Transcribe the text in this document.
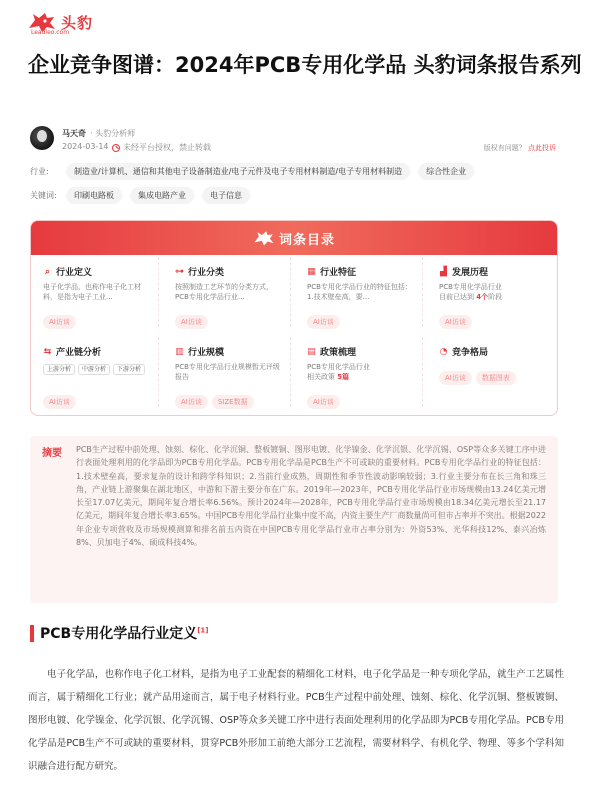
头豹
Leadleo.com
企业竞争图谱：2024年PCB专用化学品 头豹词条报告系列
马天奇 · 头豹分析师
2024-03-14 未经平台授权，禁止转载	版权有问题？ 点此投诉
行业:	制造业/计算机、通信和其他电子设备制造业/电子元件及电子专用材料制造/电子专用材料制造	综合性企业
关键词:	印刷电路板	集成电路产业	电子信息
词条目录
⌕ 行业定义
电子化学品，也称作电子化工材料，是指为电子工业...
AI访谈
⊶ 行业分类
按照制造工艺环节的分类方式，PCB专用化学品行业...
AI访谈
▦ 行业特征
PCB专用化学品行业的特征包括：1.技术壁垒高，要...
AI访谈
▟ 发展历程
PCB专用化学品行业
目前已达到 4个阶段
AI访谈
⇆ 产业链分析
上游分析 中游分析 下游分析
AI访谈
▥ 行业规模
PCB专用化学品行业规模暂无评级报告
AI访谈 SIZE数据
▤ 政策梳理
PCB专用化学品行业
相关政策 5篇
AI访谈
◔ 竞争格局
AI访谈 数据图表
摘要 PCB生产过程中前处理、蚀刻、棕化、化学沉铜、整板镀铜、图形电镀、化学镍金、化学沉银、化学沉锡、OSP等众多关键工序中进行表面处理利用的化学品即为PCB专用化学品。PCB专用化学品是PCB生产不可或缺的重要材料。PCB专用化学品行业的特征包括：1.技术壁垒高，要求复杂的设计和跨学科知识；2.当前行业成熟，周期性和季节性波动影响较弱；3.行业主要分布在长三角和珠三角，产业链上游聚集在湖北地区，中游和下游主要分布在广东。2019年—2023年，PCB专用化学品行业市场规模由13.24亿美元增长至17.07亿美元，期间年复合增长率6.56%。预计2024年—2028年，PCB专用化学品行业市场规模由18.34亿美元增长至21.17亿美元，期间年复合增长率3.65%。中国PCB专用化学品行业集中度不高，内资主要生产厂商数量尚可但市占率并不突出。根据2022年企业专项营收及市场规模测算和排名前五内资在中国PCB专用化学品行业市占率分别为：外资53%、光华科技12%、泰兴冶炼8%、贝加电子4%、硕成科技4%。

PCB专用化学品行业定义[1]

电子化学品，也称作电子化工材料，是指为电子工业配套的精细化工材料，电子化学品是一种专项化学品，就生产工艺属性而言，属于精细化工行业；就产品用途而言，属于电子材料行业。PCB生产过程中前处理、蚀刻、棕化、化学沉铜、整板镀铜、图形电镀、化学镍金、化学沉银、化学沉锡、OSP等众多关键工序中进行表面处理利用的化学品即为PCB专用化学品。PCB专用化学品是PCB生产不可或缺的重要材料，贯穿PCB外形加工前绝大部分工艺流程，需要材料学、有机化学、物理、等多个学科知识融合进行配方研究。
